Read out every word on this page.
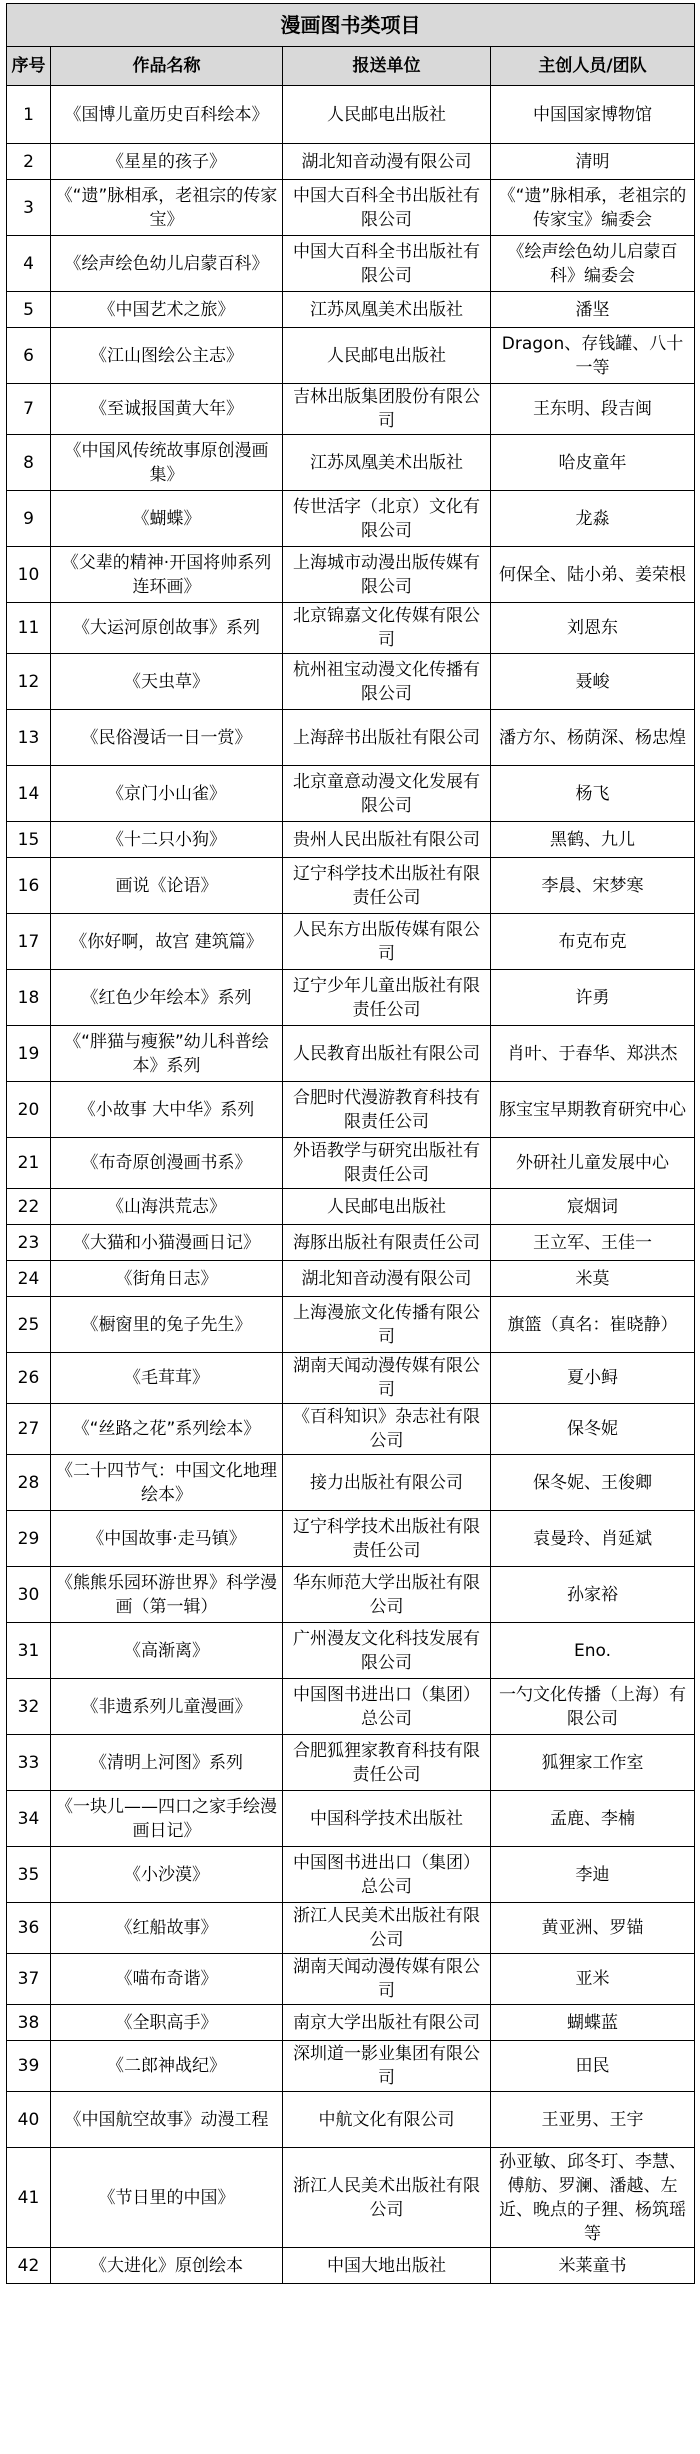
漫画图书类项目			
序号	作品名称	报送单位	主创人员/团队
1	《国博儿童历史百科绘本》	人民邮电出版社	中国国家博物馆
2	《星星的孩子》	湖北知音动漫有限公司	清明
3	《“遗”脉相承，老祖宗的传家宝》	中国大百科全书出版社有限公司	《“遗”脉相承，老祖宗的传家宝》编委会
4	《绘声绘色幼儿启蒙百科》	中国大百科全书出版社有限公司	《绘声绘色幼儿启蒙百科》编委会
5	《中国艺术之旅》	江苏凤凰美术出版社	潘坚
6	《江山图绘公主志》	人民邮电出版社	Dragon、存钱罐、八十一等
7	《至诚报国黄大年》	吉林出版集团股份有限公司	王东明、段吉闽
8	《中国风传统故事原创漫画集》	江苏凤凰美术出版社	哈皮童年
9	《蝴蝶》	传世活字（北京）文化有限公司	龙淼
10	《父辈的精神·开国将帅系列连环画》	上海城市动漫出版传媒有限公司	何保全、陆小弟、姜荣根
11	《大运河原创故事》系列	北京锦嘉文化传媒有限公司	刘恩东
12	《天虫草》	杭州祖宝动漫文化传播有限公司	聂峻
13	《民俗漫话一日一赏》	上海辞书出版社有限公司	潘方尔、杨荫深、杨忠煌
14	《京门小山雀》	北京童意动漫文化发展有限公司	杨飞
15	《十二只小狗》	贵州人民出版社有限公司	黑鹤、九儿
16	画说《论语》	辽宁科学技术出版社有限责任公司	李晨、宋梦寒
17	《你好啊，故宫 建筑篇》	人民东方出版传媒有限公司	布克布克
18	《红色少年绘本》系列	辽宁少年儿童出版社有限责任公司	许勇
19	《“胖猫与瘦猴”幼儿科普绘本》系列	人民教育出版社有限公司	肖叶、于春华、郑洪杰
20	《小故事 大中华》系列	合肥时代漫游教育科技有限责任公司	豚宝宝早期教育研究中心
21	《布奇原创漫画书系》	外语教学与研究出版社有限责任公司	外研社儿童发展中心
22	《山海洪荒志》	人民邮电出版社	宸烟词
23	《大猫和小猫漫画日记》	海豚出版社有限责任公司	王立军、王佳一
24	《街角日志》	湖北知音动漫有限公司	米莫
25	《橱窗里的兔子先生》	上海漫旅文化传播有限公司	旗篮（真名：崔晓静）
26	《毛茸茸》	湖南天闻动漫传媒有限公司	夏小鲟
27	《“丝路之花”系列绘本》	《百科知识》杂志社有限公司	保冬妮
28	《二十四节气：中国文化地理绘本》	接力出版社有限公司	保冬妮、王俊卿
29	《中国故事·走马镇》	辽宁科学技术出版社有限责任公司	袁曼玲、肖延斌
30	《熊熊乐园环游世界》科学漫画（第一辑）	华东师范大学出版社有限公司	孙家裕
31	《高渐离》	广州漫友文化科技发展有限公司	Eno.
32	《非遗系列儿童漫画》	中国图书进出口（集团）总公司	一勺文化传播（上海）有限公司
33	《清明上河图》系列	合肥狐狸家教育科技有限责任公司	狐狸家工作室
34	《一块儿——四口之家手绘漫画日记》	中国科学技术出版社	孟鹿、李楠
35	《小沙漠》	中国图书进出口（集团）总公司	李迪
36	《红船故事》	浙江人民美术出版社有限公司	黄亚洲、罗锚
37	《喵布奇谐》	湖南天闻动漫传媒有限公司	亚米
38	《全职高手》	南京大学出版社有限公司	蝴蝶蓝
39	《二郎神战纪》	深圳道一影业集团有限公司	田民
40	《中国航空故事》动漫工程	中航文化有限公司	王亚男、王宇
41	《节日里的中国》	浙江人民美术出版社有限公司	孙亚敏、邱冬玎、李慧、傅舫、罗澜、潘越、左近、晚点的子狸、杨筑瑶等
42	《大进化》原创绘本	中国大地出版社	米莱童书
